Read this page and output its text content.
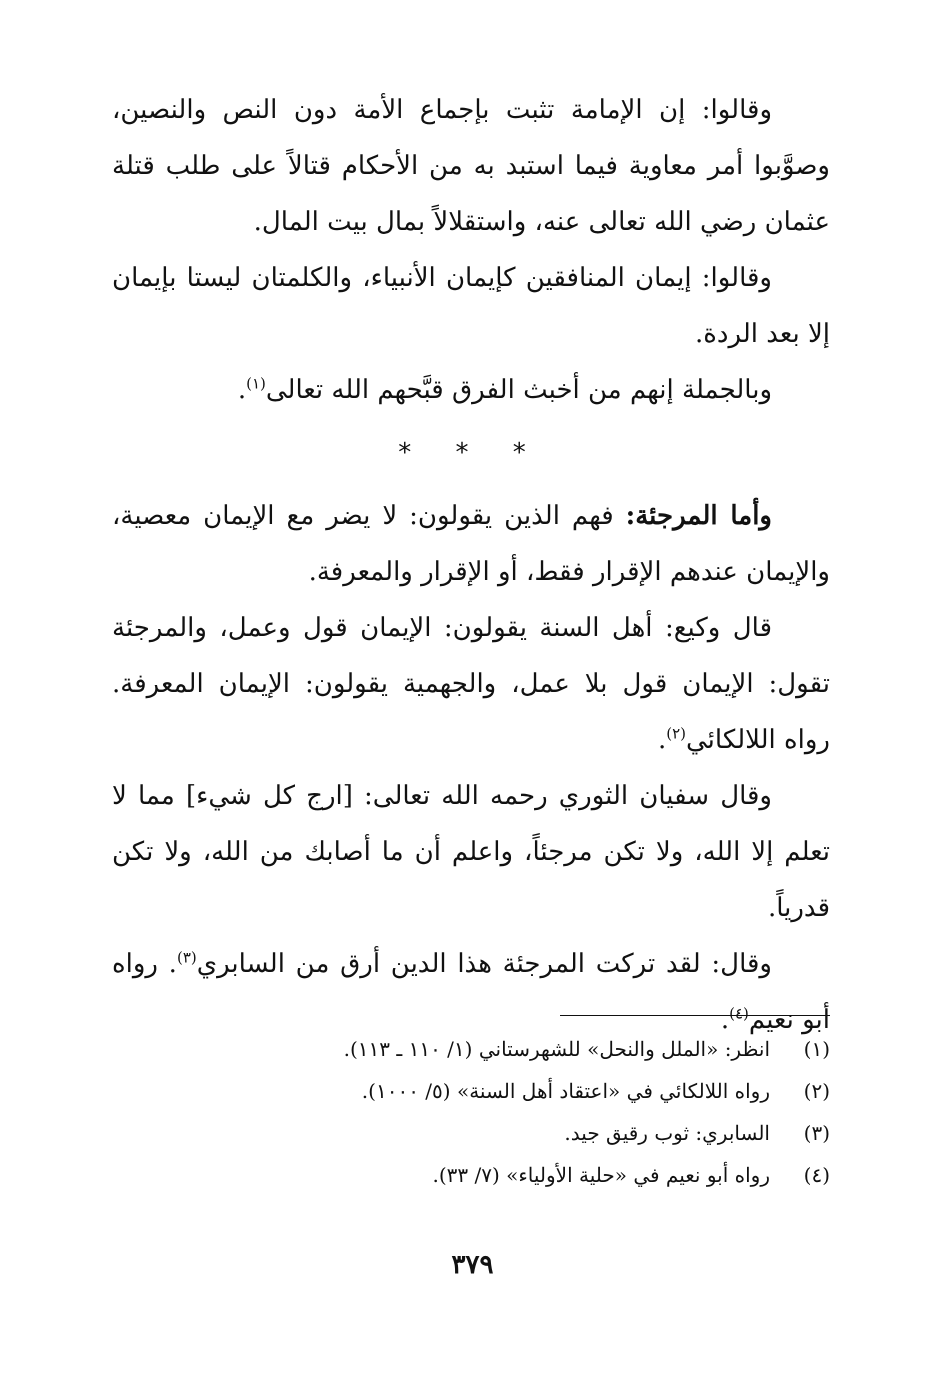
وقالوا: إن الإمامة تثبت بإجماع الأمة دون النص والنصين، وصوَّبوا أمر معاوية فيما استبد به من الأحكام قتالاً على طلب قتلة عثمان رضي الله تعالى عنه، واستقلالاً بمال بيت المال.

وقالوا: إيمان المنافقين كإيمان الأنبياء، والكلمتان ليستا بإيمان إلا بعد الردة.

وبالجملة إنهم من أخبث الفرق قبَّحهم الله تعالى$^{(١)}$.

* * *

وأما المرجئة: فهم الذين يقولون: لا يضر مع الإيمان معصية، والإيمان عندهم الإقرار فقط، أو الإقرار والمعرفة.

قال وكيع: أهل السنة يقولون: الإيمان قول وعمل، والمرجئة تقول: الإيمان قول بلا عمل، والجهمية يقولون: الإيمان المعرفة. رواه اللالكائي$^{(٢)}$.

وقال سفيان الثوري رحمه الله تعالى: [ارج كل شيء] مما لا تعلم إلا الله، ولا تكن مرجئاً، واعلم أن ما أصابك من الله، ولا تكن قدرياً.

وقال: لقد تركت المرجئة هذا الدين أرق من السابري$^{(٣)}$. رواه أبو نعيم$^{(٤)}$.

(١)
انظر: «الملل والنحل» للشهرستاني (١/ ١١٠ ـ ١١٣).

(٢)
رواه اللالكائي في «اعتقاد أهل السنة» (٥/ ١٠٠٠).

(٣)
السابري: ثوب رقيق جيد.

(٤)
رواه أبو نعيم في «حلية الأولياء» (٧/ ٣٣).

٣٧٩
